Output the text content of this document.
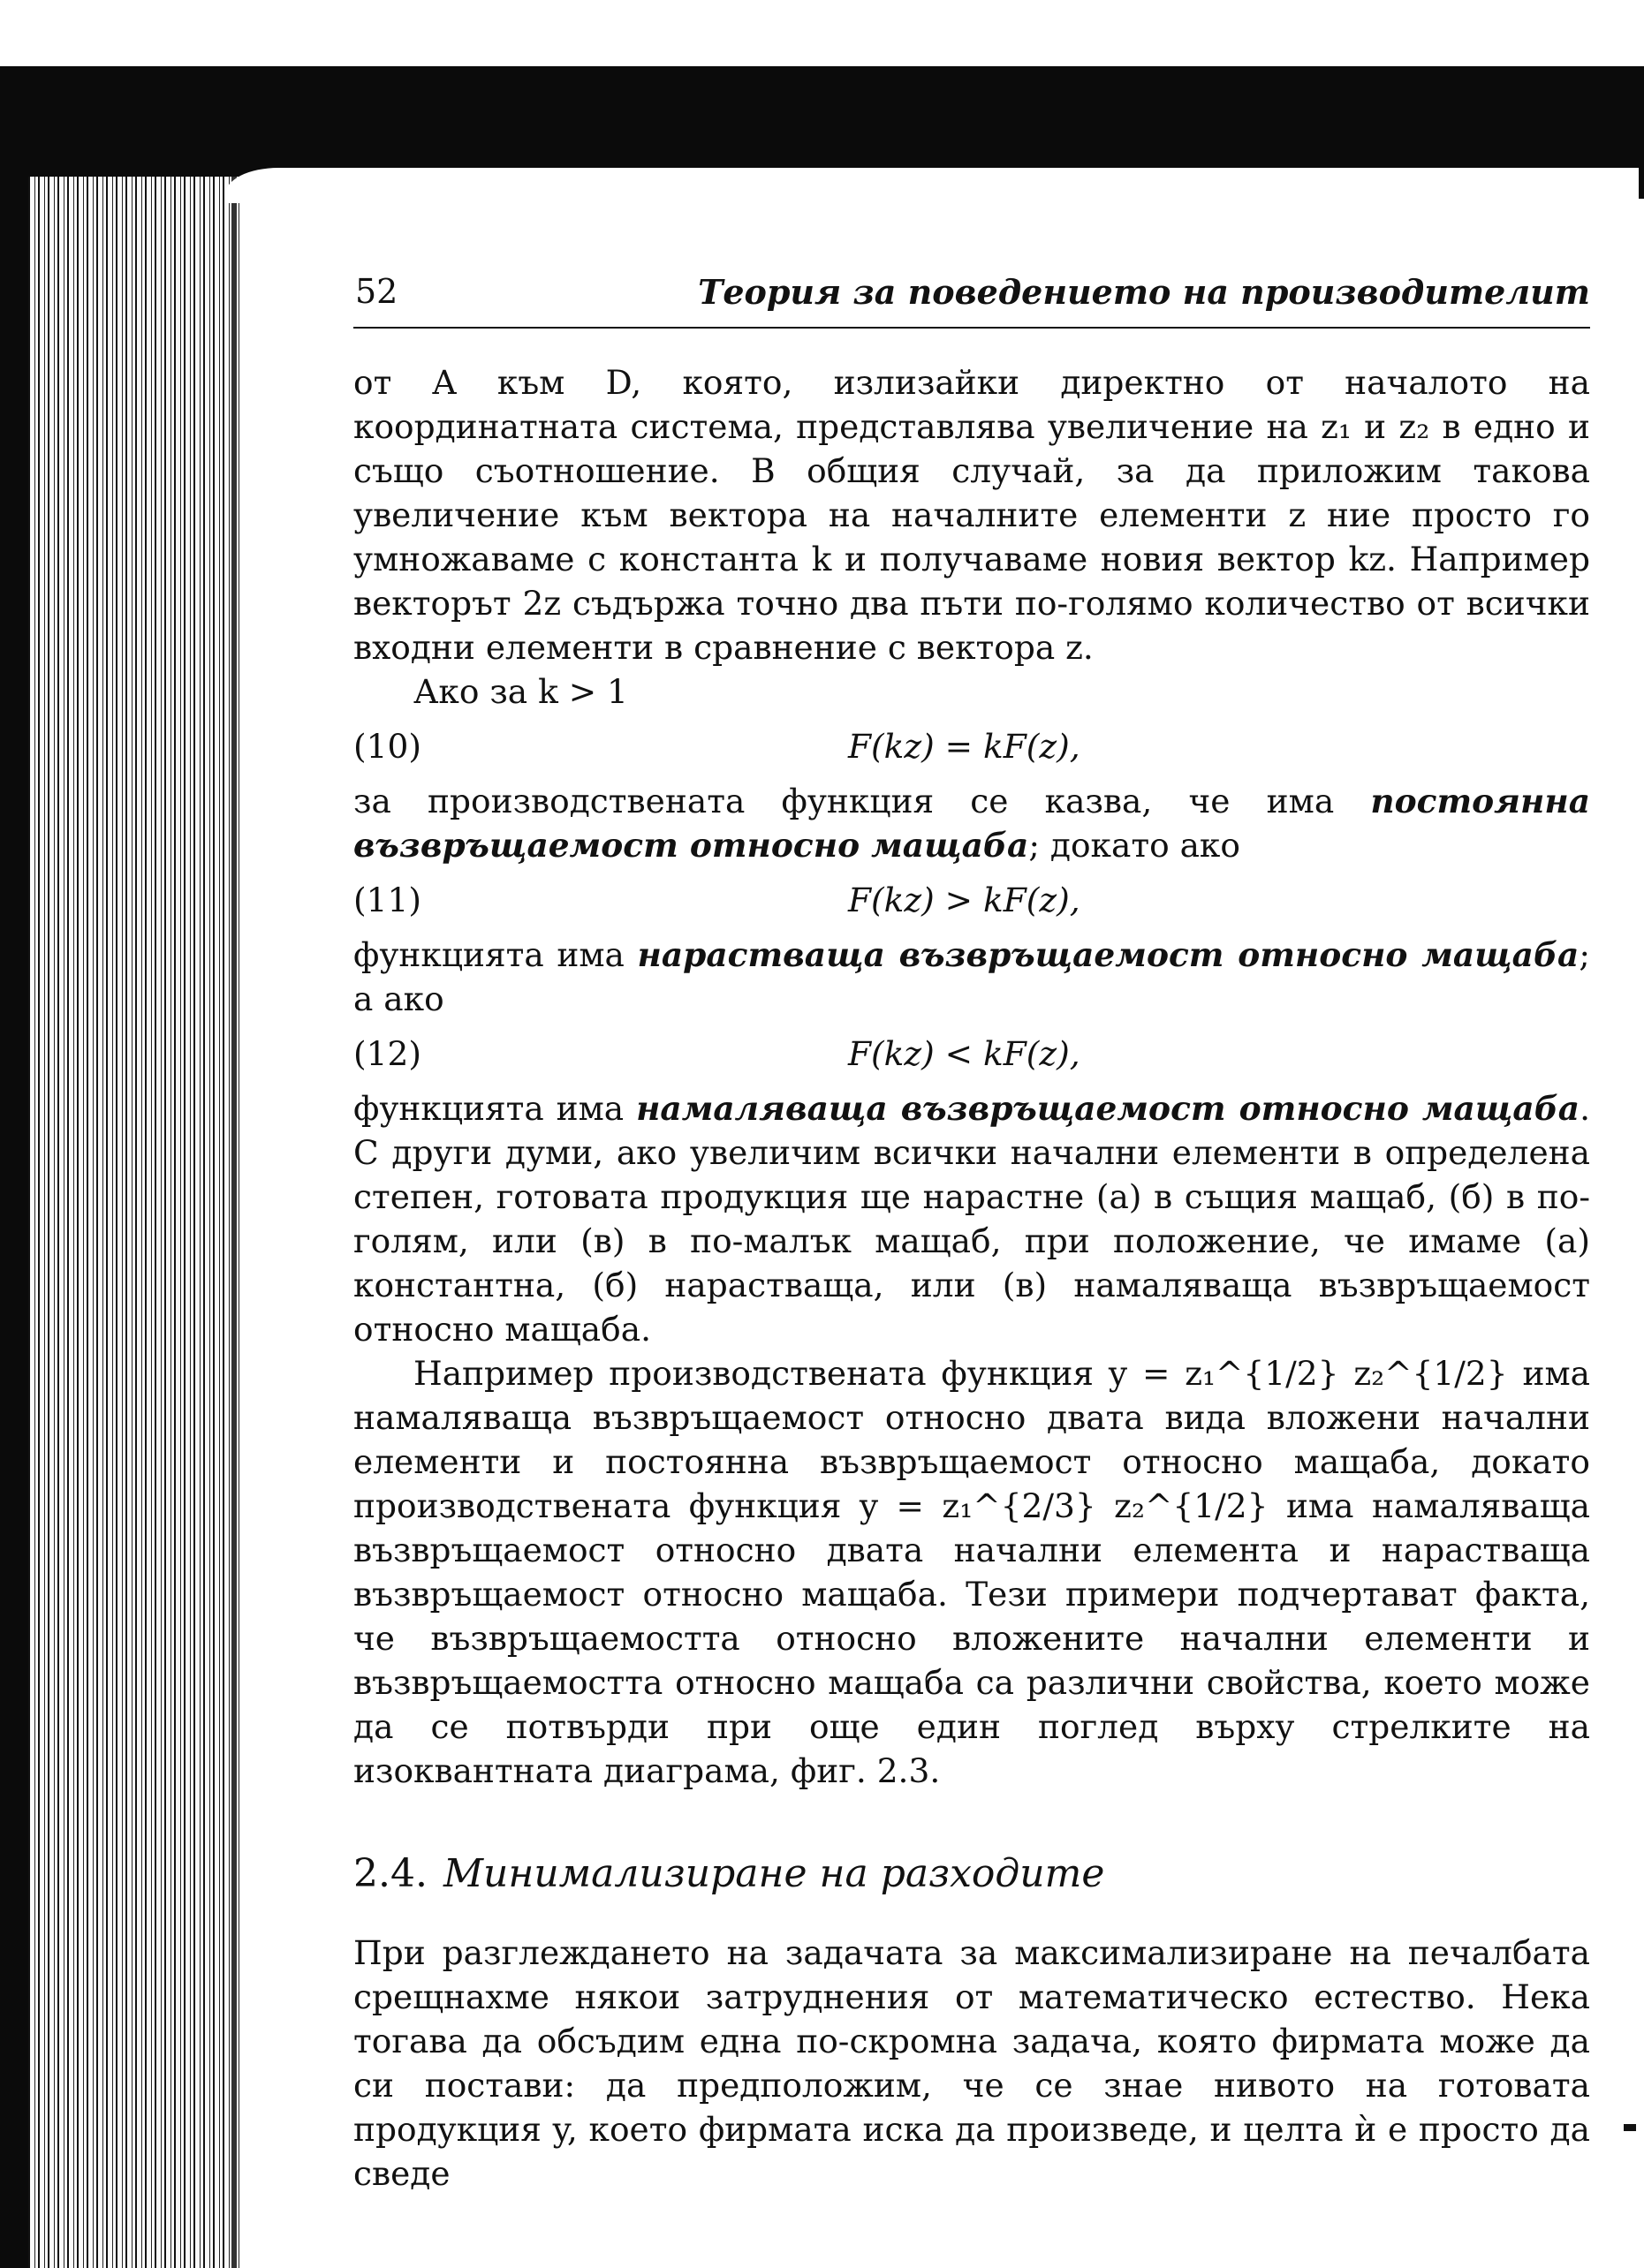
52	Теория за поведението на производителит

от A към D, която, излизайки директно от началото на координатната система, представлява увеличение на z₁ и z₂ в едно и също съотношение. В общия случай, за да приложим такова увеличение към вектора на началните елементи z ние просто го умножаваме с константа k и получаваме новия вектор kz. Например векторът 2z съдържа точно два пъти по-голямо количество от всички входни елементи в сравнение с вектора z.

Ако за k > 1

(10)	F(kz) = kF(z),

за производствената функция се казва, че има постоянна възвръщаемост относно мащаба; докато ако

(11)	F(kz) > kF(z),

функцията има нарастваща възвръщаемост относно мащаба; а ако

(12)	F(kz) < kF(z),

функцията има намаляваща възвръщаемост относно мащаба. С други думи, ако увеличим всички начални елементи в определена степен, готовата продукция ще нарастне (а) в същия мащаб, (б) в по-голям, или (в) в по-малък мащаб, при положение, че имаме (а) константна, (б) нарастваща, или (в) намаляваща възвръщаемост относно мащаба.

Например производствената функция y = z₁^{1/2} z₂^{1/2} има намаляваща възвръщаемост относно двата вида вложени начални елементи и постоянна възвръщаемост относно мащаба, докато производствената функция y = z₁^{2/3} z₂^{1/2} има намаляваща възвръщаемост относно двата начални елемента и нарастваща възвръщаемост относно мащаба. Тези примери подчертават факта, че възвръщаемостта относно вложените начални елементи и възвръщаемостта относно мащаба са различни свойства, което може да се потвърди при още един поглед върху стрелките на изоквантната диаграма, фиг. 2.3.

2.4. Минимализиране на разходите

При разглеждането на задачата за максимализиране на печалбата срещнахме някои затруднения от математическо естество. Нека тогава да обсъдим една по-скромна задача, която фирмата може да си постави: да предположим, че се знае нивото на готовата продукция y, което фирмата иска да произведе, и целта ѝ е просто да сведе
